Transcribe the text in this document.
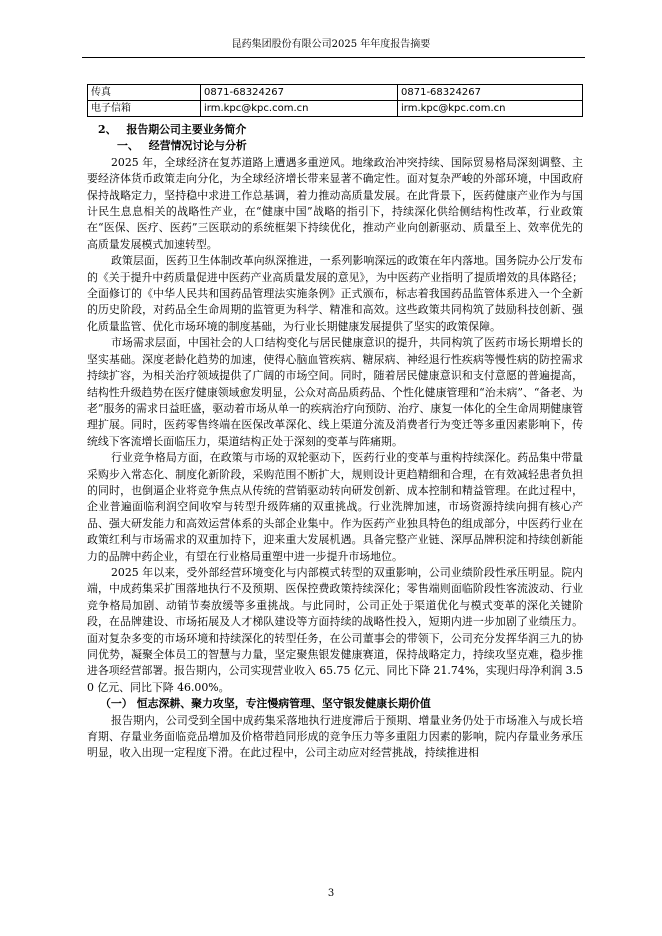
昆药集团股份有限公司2025 年年度报告摘要
传真	0871-68324267	0871-68324267
电子信箱	irm.kpc@kpc.com.cn	irm.kpc@kpc.com.cn
2、 报告期公司主要业务简介
一、 经营情况讨论与分析

2025 年，全球经济在复苏道路上遭遇多重逆风。地缘政治冲突持续、国际贸易格局深刻调整、主要经济体货币政策走向分化，为全球经济增长带来显著不确定性。面对复杂严峻的外部环境，中国政府保持战略定力，坚持稳中求进工作总基调，着力推动高质量发展。在此背景下，医药健康产业作为与国计民生息息相关的战略性产业，在“健康中国”战略的指引下，持续深化供给侧结构性改革，行业政策在“医保、医疗、医药”三医联动的系统框架下持续优化，推动产业向创新驱动、质量至上、效率优先的高质量发展模式加速转型。

政策层面，医药卫生体制改革向纵深推进，一系列影响深远的政策在年内落地。国务院办公厅发布的《关于提升中药质量促进中医药产业高质量发展的意见》，为中医药产业指明了提质增效的具体路径；全面修订的《中华人民共和国药品管理法实施条例》正式颁布，标志着我国药品监管体系进入一个全新的历史阶段，对药品全生命周期的监管更为科学、精准和高效。这些政策共同构筑了鼓励科技创新、强化质量监管、优化市场环境的制度基础，为行业长期健康发展提供了坚实的政策保障。

市场需求层面，中国社会的人口结构变化与居民健康意识的提升，共同构筑了医药市场长期增长的坚实基础。深度老龄化趋势的加速，使得心脑血管疾病、糖尿病、神经退行性疾病等慢性病的防控需求持续扩容，为相关治疗领域提供了广阔的市场空间。同时，随着居民健康意识和支付意愿的普遍提高，结构性升级趋势在医疗健康领域愈发明显，公众对高品质药品、个性化健康管理和“治未病”、“备老、为老”服务的需求日益旺盛，驱动着市场从单一的疾病治疗向预防、治疗、康复一体化的全生命周期健康管理扩展。同时，医药零售终端在医保改革深化、线上渠道分流及消费者行为变迁等多重因素影响下，传统线下客流增长面临压力，渠道结构正处于深刻的变革与阵痛期。

行业竞争格局方面，在政策与市场的双轮驱动下，医药行业的变革与重构持续深化。药品集中带量采购步入常态化、制度化新阶段，采购范围不断扩大，规则设计更趋精细和合理，在有效减轻患者负担的同时，也倒逼企业将竞争焦点从传统的营销驱动转向研发创新、成本控制和精益管理。在此过程中，企业普遍面临利润空间收窄与转型升级阵痛的双重挑战。行业洗牌加速，市场资源持续向拥有核心产品、强大研发能力和高效运营体系的头部企业集中。作为医药产业独具特色的组成部分，中医药行业在政策红利与市场需求的双重加持下，迎来重大发展机遇。具备完整产业链、深厚品牌积淀和持续创新能力的品牌中药企业，有望在行业格局重塑中进一步提升市场地位。

2025 年以来，受外部经营环境变化与内部模式转型的双重影响，公司业绩阶段性承压明显。院内端，中成药集采扩围落地执行不及预期、医保控费政策持续深化；零售端则面临阶段性客流波动、行业竞争格局加剧、动销节奏放缓等多重挑战。与此同时，公司正处于渠道优化与模式变革的深化关键阶段，在品牌建设、市场拓展及人才梯队建设等方面持续的战略性投入，短期内进一步加剧了业绩压力。面对复杂多变的市场环境和持续深化的转型任务，在公司董事会的带领下，公司充分发挥华润三九的协同优势，凝聚全体员工的智慧与力量，坚定聚焦银发健康赛道，保持战略定力，持续攻坚克难，稳步推进各项经营部署。报告期内，公司实现营业收入 65.75 亿元、同比下降 21.74%，实现归母净利润 3.50 亿元、同比下降 46.00%。

（一） 恒志深耕、聚力攻坚，专注慢病管理、坚守银发健康长期价值

报告期内，公司受到全国中成药集采落地执行进度滞后于预期、增量业务仍处于市场准入与成长培育期、存量业务面临竞品增加及价格带趋同形成的竞争压力等多重阻力因素的影响，院内存量业务承压明显，收入出现一定程度下滑。在此过程中，公司主动应对经营挑战，持续推进相

3
